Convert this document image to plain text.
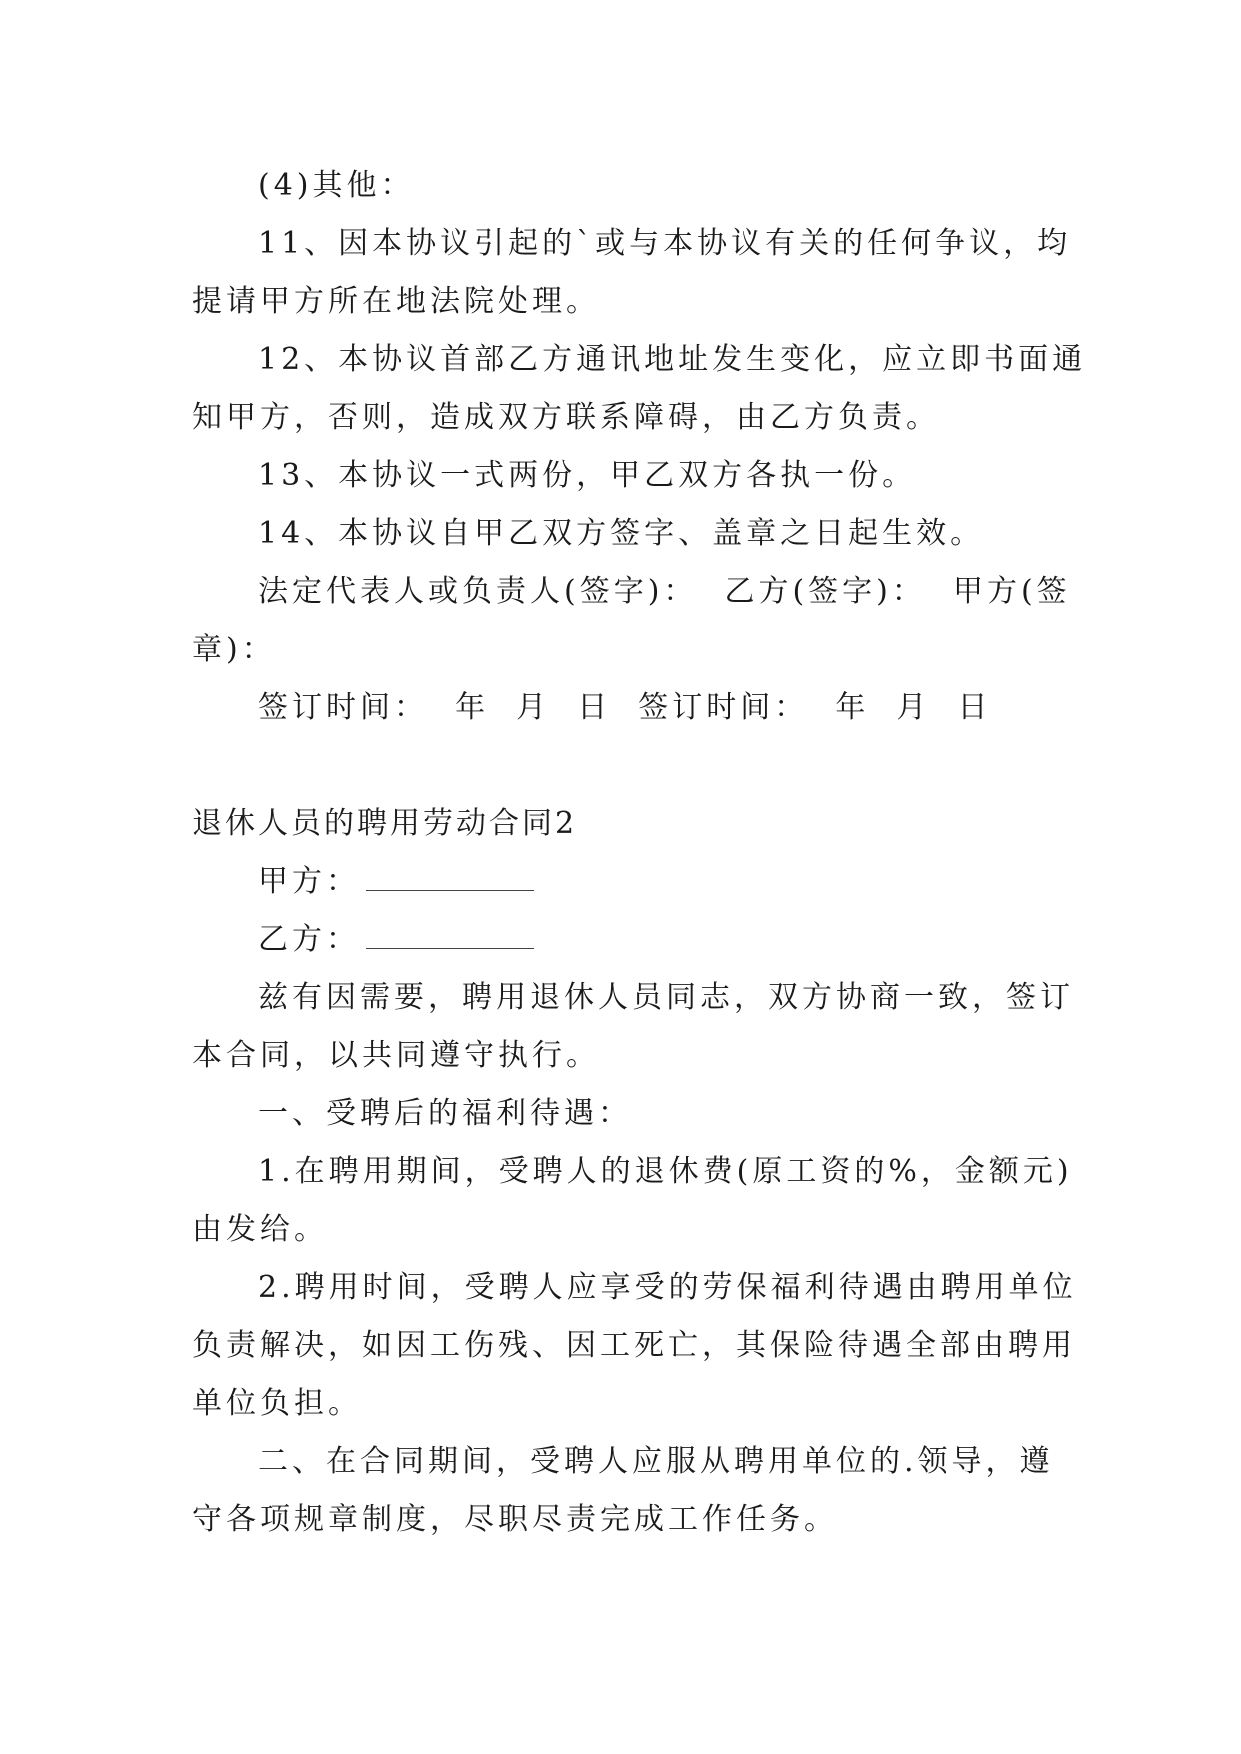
(4)其他：
11、因本协议引起的`或与本协议有关的任何争议，均
提请甲方所在地法院处理。
12、本协议首部乙方通讯地址发生变化，应立即书面通
知甲方，否则，造成双方联系障碍，由乙方负责。
13、本协议一式两份，甲乙双方各执一份。
14、本协议自甲乙双方签字、盖章之日起生效。
法定代表人或负责人(签字)：  乙方(签字)：  甲方(签
章)：
签订时间：  年  月  日  签订时间：  年  月  日
退休人员的聘用劳动合同2
甲方：
乙方：
兹有因需要，聘用退休人员同志，双方协商一致，签订
本合同，以共同遵守执行。
一、受聘后的福利待遇：
1.在聘用期间，受聘人的退休费(原工资的%，金额元)
由发给。
2.聘用时间，受聘人应享受的劳保福利待遇由聘用单位
负责解决，如因工伤残、因工死亡，其保险待遇全部由聘用
单位负担。
二、在合同期间，受聘人应服从聘用单位的.领导，遵
守各项规章制度，尽职尽责完成工作任务。
